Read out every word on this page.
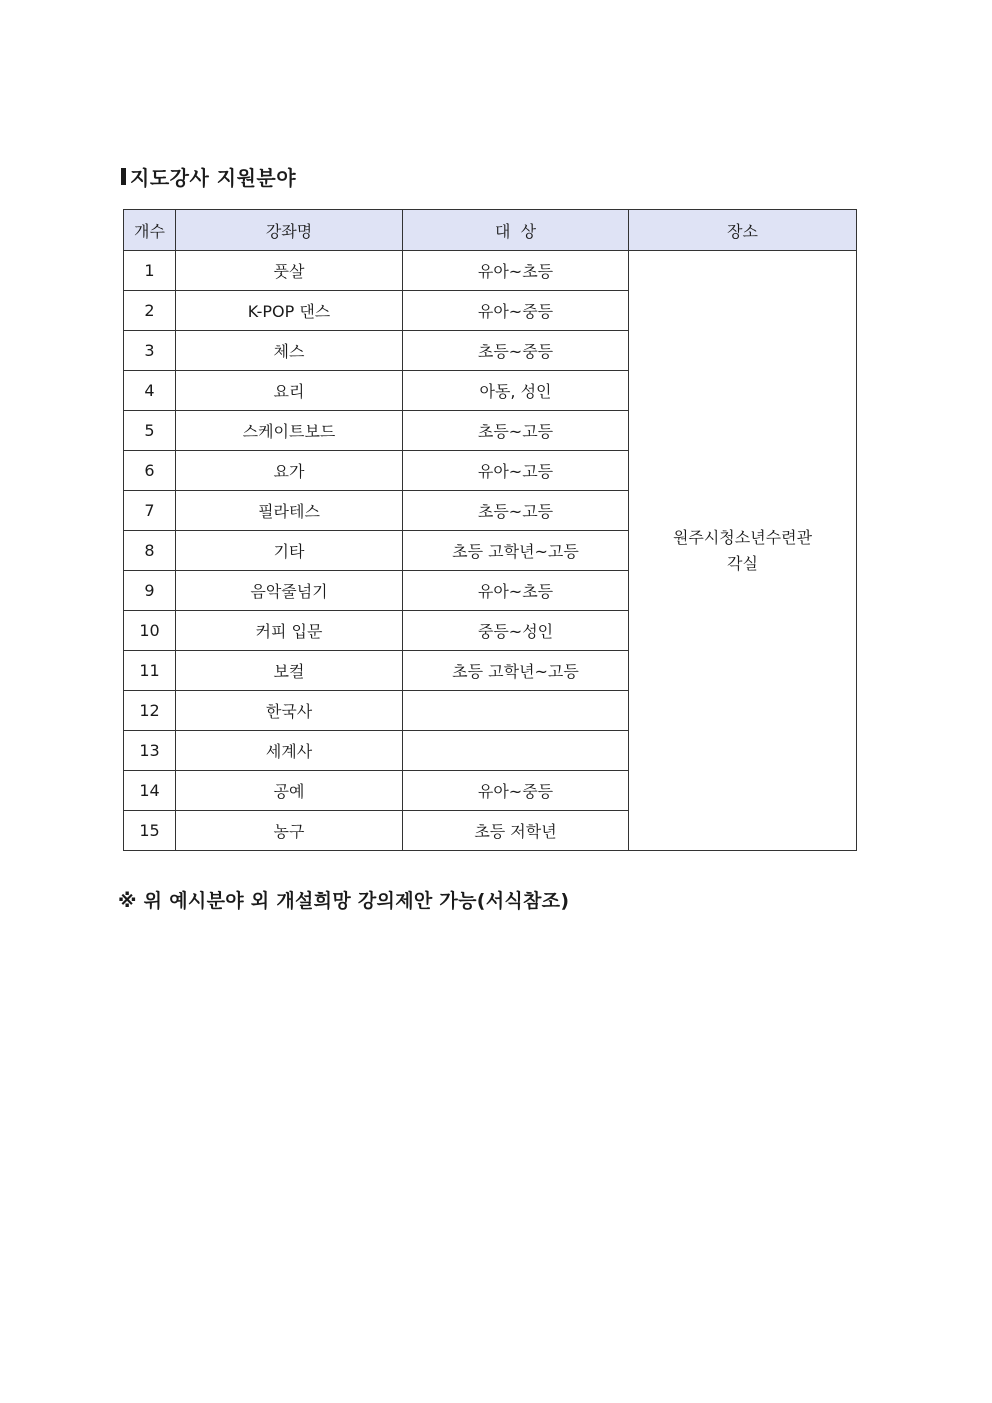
지도강사 지원분야
개수	강좌명	대  상	장소
1	풋살	유아~초등	원주시청소년수련관
각실

2	K-POP 댄스	유아~중등	
3	체스	초등~중등	
4	요리	아동, 성인	
5	스케이트보드	초등~고등	
6	요가	유아~고등	
7	필라테스	초등~고등	
8	기타	초등 고학년~고등	
9	음악줄넘기	유아~초등	
10	커피 입문	중등~성인	
11	보컬	초등 고학년~고등	
12	한국사		
13	세계사		
14	공예	유아~중등	
15	농구	초등 저학년	
※ 위 예시분야 외 개설희망 강의제안 가능(서식참조)
